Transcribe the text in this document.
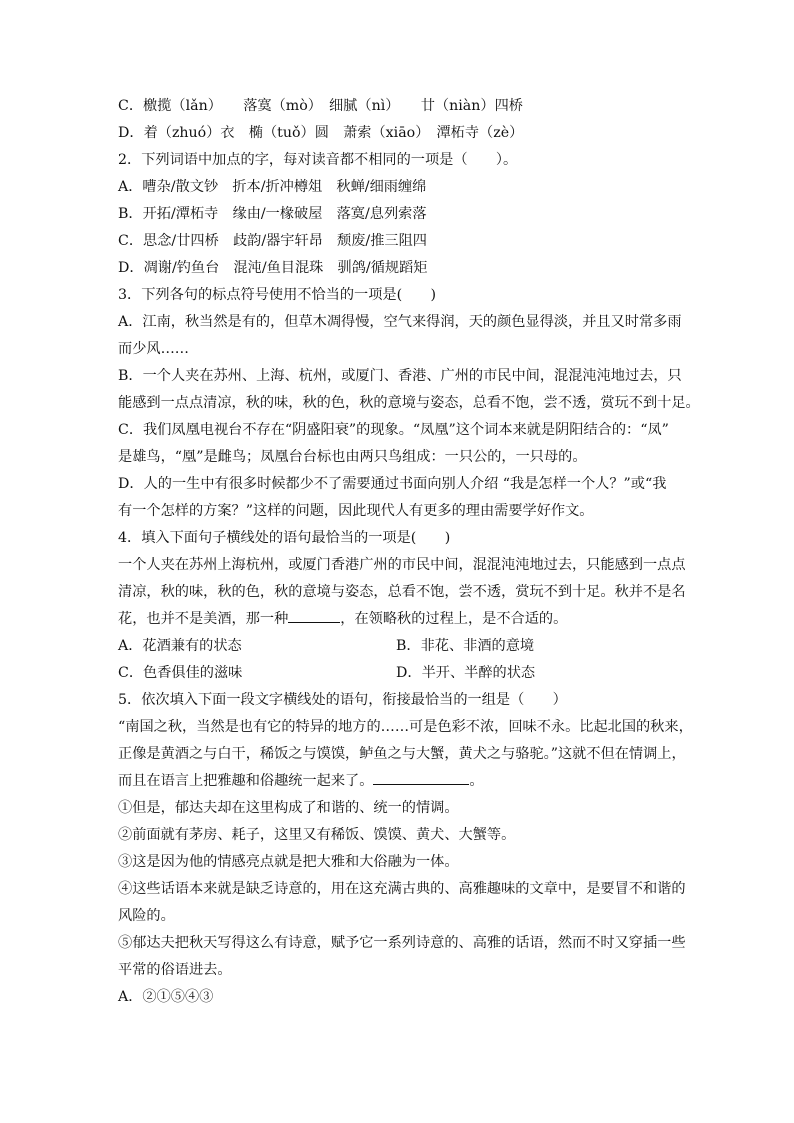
C．檄揽（lǎn）　　落寞（mò）　细腻（nì）　　廿（niàn）四桥
D．着（zhuó）衣　椭（tuǒ）圆　萧索（xiāo）　潭柘寺（zè）
2．下列词语中加点的字，每对读音都不相同的一项是（　　）。
A．嘈杂/散文钞　折本/折冲樽俎　秋蝉/细雨缠绵
B．开拓/潭柘寺　缘由/一椽破屋　落寞/息列索落
C．思念/廿四桥　歧韵/器宇轩昂　颓废/推三阻四
D．凋谢/钓鱼台　混沌/鱼目混珠　驯鸽/循规蹈矩
3．下列各句的标点符号使用不恰当的一项是(　　)
A．江南，秋当然是有的，但草木凋得慢，空气来得润，天的颜色显得淡，并且又时常多雨
而少风……
B．一个人夹在苏州、上海、杭州，或厦门、香港、广州的市民中间，混混沌沌地过去，只
能感到一点点清凉，秋的味，秋的色，秋的意境与姿态，总看不饱，尝不透，赏玩不到十足。
C．我们凤凰电视台不存在“阴盛阳衰”的现象。“凤凰”这个词本来就是阴阳结合的：“凤”
是雄鸟，“凰”是雌鸟；凤凰台台标也由两只鸟组成：一只公的，一只母的。
D．人的一生中有很多时候都少不了需要通过书面向别人介绍 “我是怎样一个人？”或“我
有一个怎样的方案？”这样的问题，因此现代人有更多的理由需要学好作文。
4．填入下面句子横线处的语句最恰当的一项是(　　)
一个人夹在苏州上海杭州，或厦门香港广州的市民中间，混混沌沌地过去，只能感到一点点
清凉，秋的味，秋的色，秋的意境与姿态，总看不饱，尝不透，赏玩不到十足。秋并不是名
花，也并不是美酒，那一种	，在领略秋的过程上，是不合适的。
A．花酒兼有的状态	B．非花、非酒的意境
C．色香俱佳的滋味	D．半开、半醉的状态
5．依次填入下面一段文字横线处的语句，衔接最恰当的一组是（　　）
“南国之秋，当然是也有它的特异的地方的……可是色彩不浓，回味不永。比起北国的秋来，
正像是黄酒之与白干，稀饭之与馍馍，鲈鱼之与大蟹，黄犬之与骆驼。”这就不但在情调上，
而且在语言上把雅趣和俗趣统一起来了。	。
①但是，郁达夫却在这里构成了和谐的、统一的情调。
②前面就有茅房、耗子，这里又有稀饭、馍馍、黄犬、大蟹等。
③这是因为他的情感亮点就是把大雅和大俗融为一体。
④这些话语本来就是缺乏诗意的，用在这充满古典的、高雅趣味的文章中，是要冒不和谐的
风险的。
⑤郁达夫把秋天写得这么有诗意，赋予它一系列诗意的、高雅的话语，然而不时又穿插一些
平常的俗语进去。
A．②①⑤④③
